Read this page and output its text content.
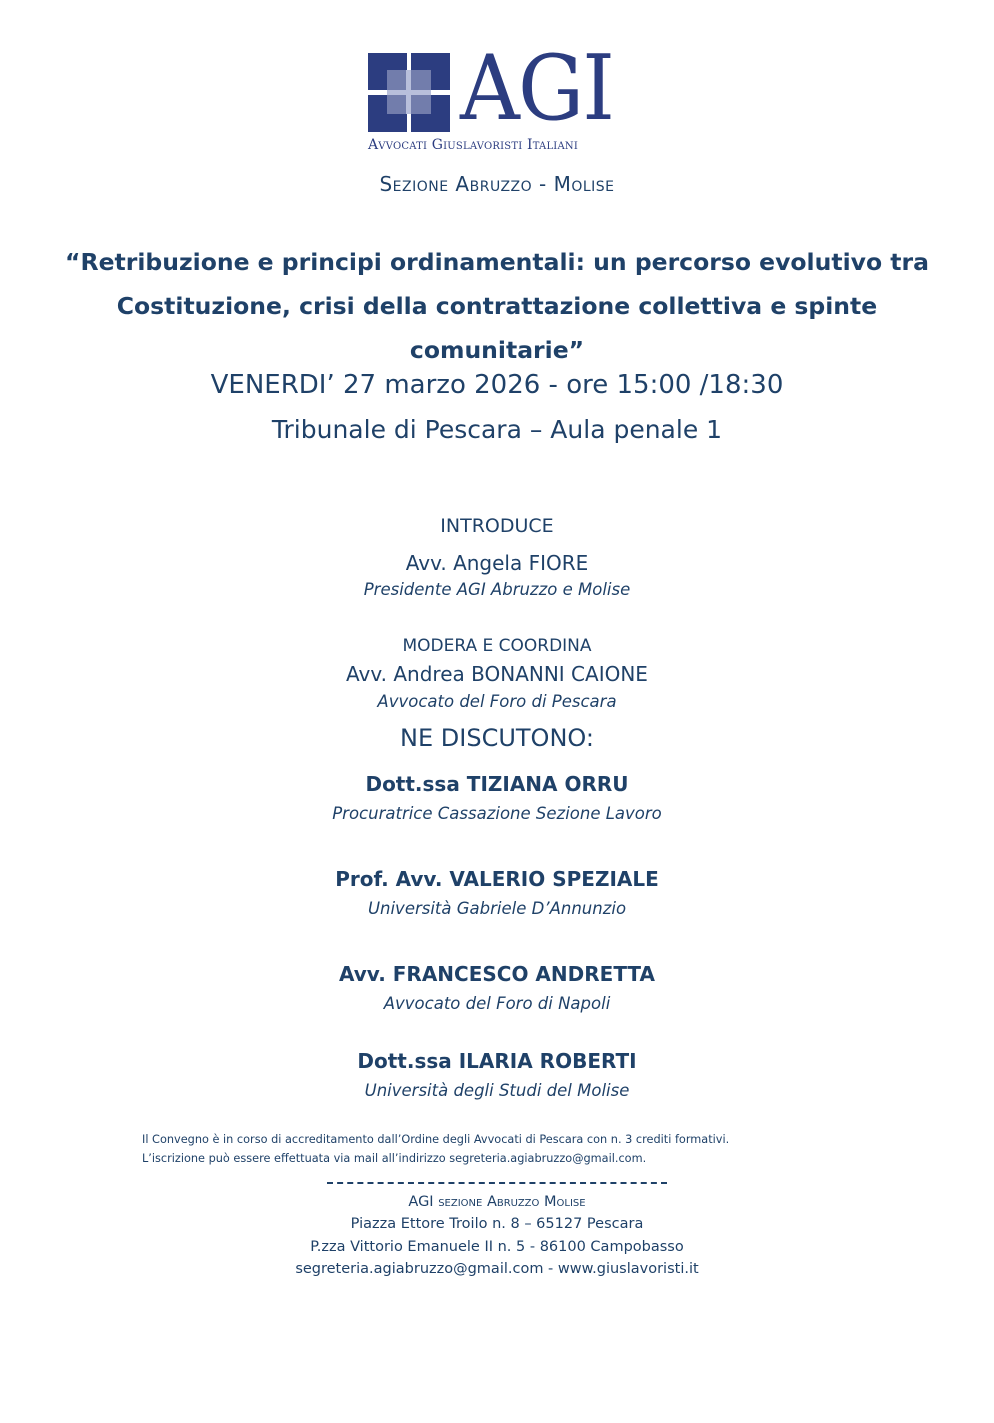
AGI
Avvocati Giuslavoristi Italiani
Sezione Abruzzo - Molise
“Retribuzione e principi ordinamentali: un percorso evolutivo tra
Costituzione, crisi della contrattazione collettiva e spinte
comunitarie”
VENERDI’ 27 marzo 2026 - ore 15:00 /18:30
Tribunale di Pescara – Aula penale 1
INTRODUCE
Avv. Angela FIORE
Presidente AGI Abruzzo e Molise
MODERA E COORDINA
Avv. Andrea BONANNI CAIONE
Avvocato del Foro di Pescara
NE DISCUTONO:
Dott.ssa TIZIANA ORRU
Procuratrice Cassazione Sezione Lavoro
Prof. Avv. VALERIO SPEZIALE
Università Gabriele D’Annunzio
Avv. FRANCESCO ANDRETTA
Avvocato del Foro di Napoli
Dott.ssa ILARIA ROBERTI
Università degli Studi del Molise
Il Convegno è in corso di accreditamento dall’Ordine degli Avvocati di Pescara con n. 3 crediti formativi.
L’iscrizione può essere effettuata via mail all’indirizzo segreteria.agiabruzzo@gmail.com.
AGI sezione Abruzzo Molise
Piazza Ettore Troilo n. 8 – 65127 Pescara
P.zza Vittorio Emanuele II n. 5 - 86100 Campobasso
segreteria.agiabruzzo@gmail.com - www.giuslavoristi.it
